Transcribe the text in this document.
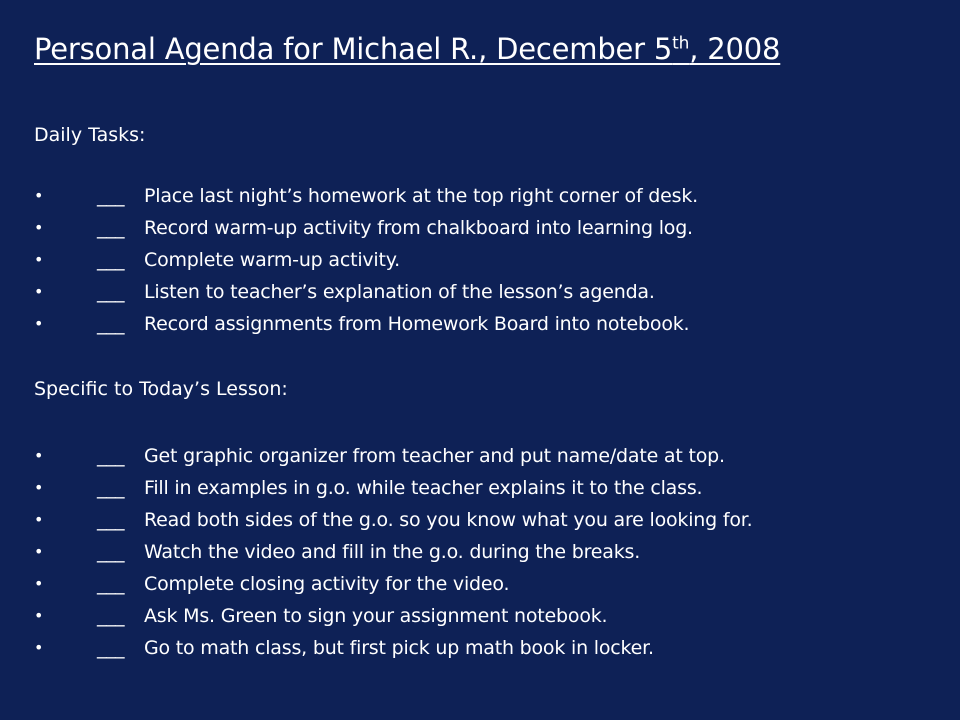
Personal Agenda for Michael R., December 5th, 2008
Daily Tasks:
•	___ Place last night’s homework at the top right corner of desk.
•	___ Record warm-up activity from chalkboard into learning log.
•	___ Complete warm-up activity.
•	___ Listen to teacher’s explanation of the lesson’s agenda.
•	___ Record assignments from Homework Board into notebook.
Specific to Today’s Lesson:
•	___ Get graphic organizer from teacher and put name/date at top.
•	___ Fill in examples in g.o. while teacher explains it to the class.
•	___ Read both sides of the g.o. so you know what you are looking for.
•	___ Watch the video and fill in the g.o. during the breaks.
•	___ Complete closing activity for the video.
•	___ Ask Ms. Green to sign your assignment notebook.
•	___ Go to math class, but first pick up math book in locker.
